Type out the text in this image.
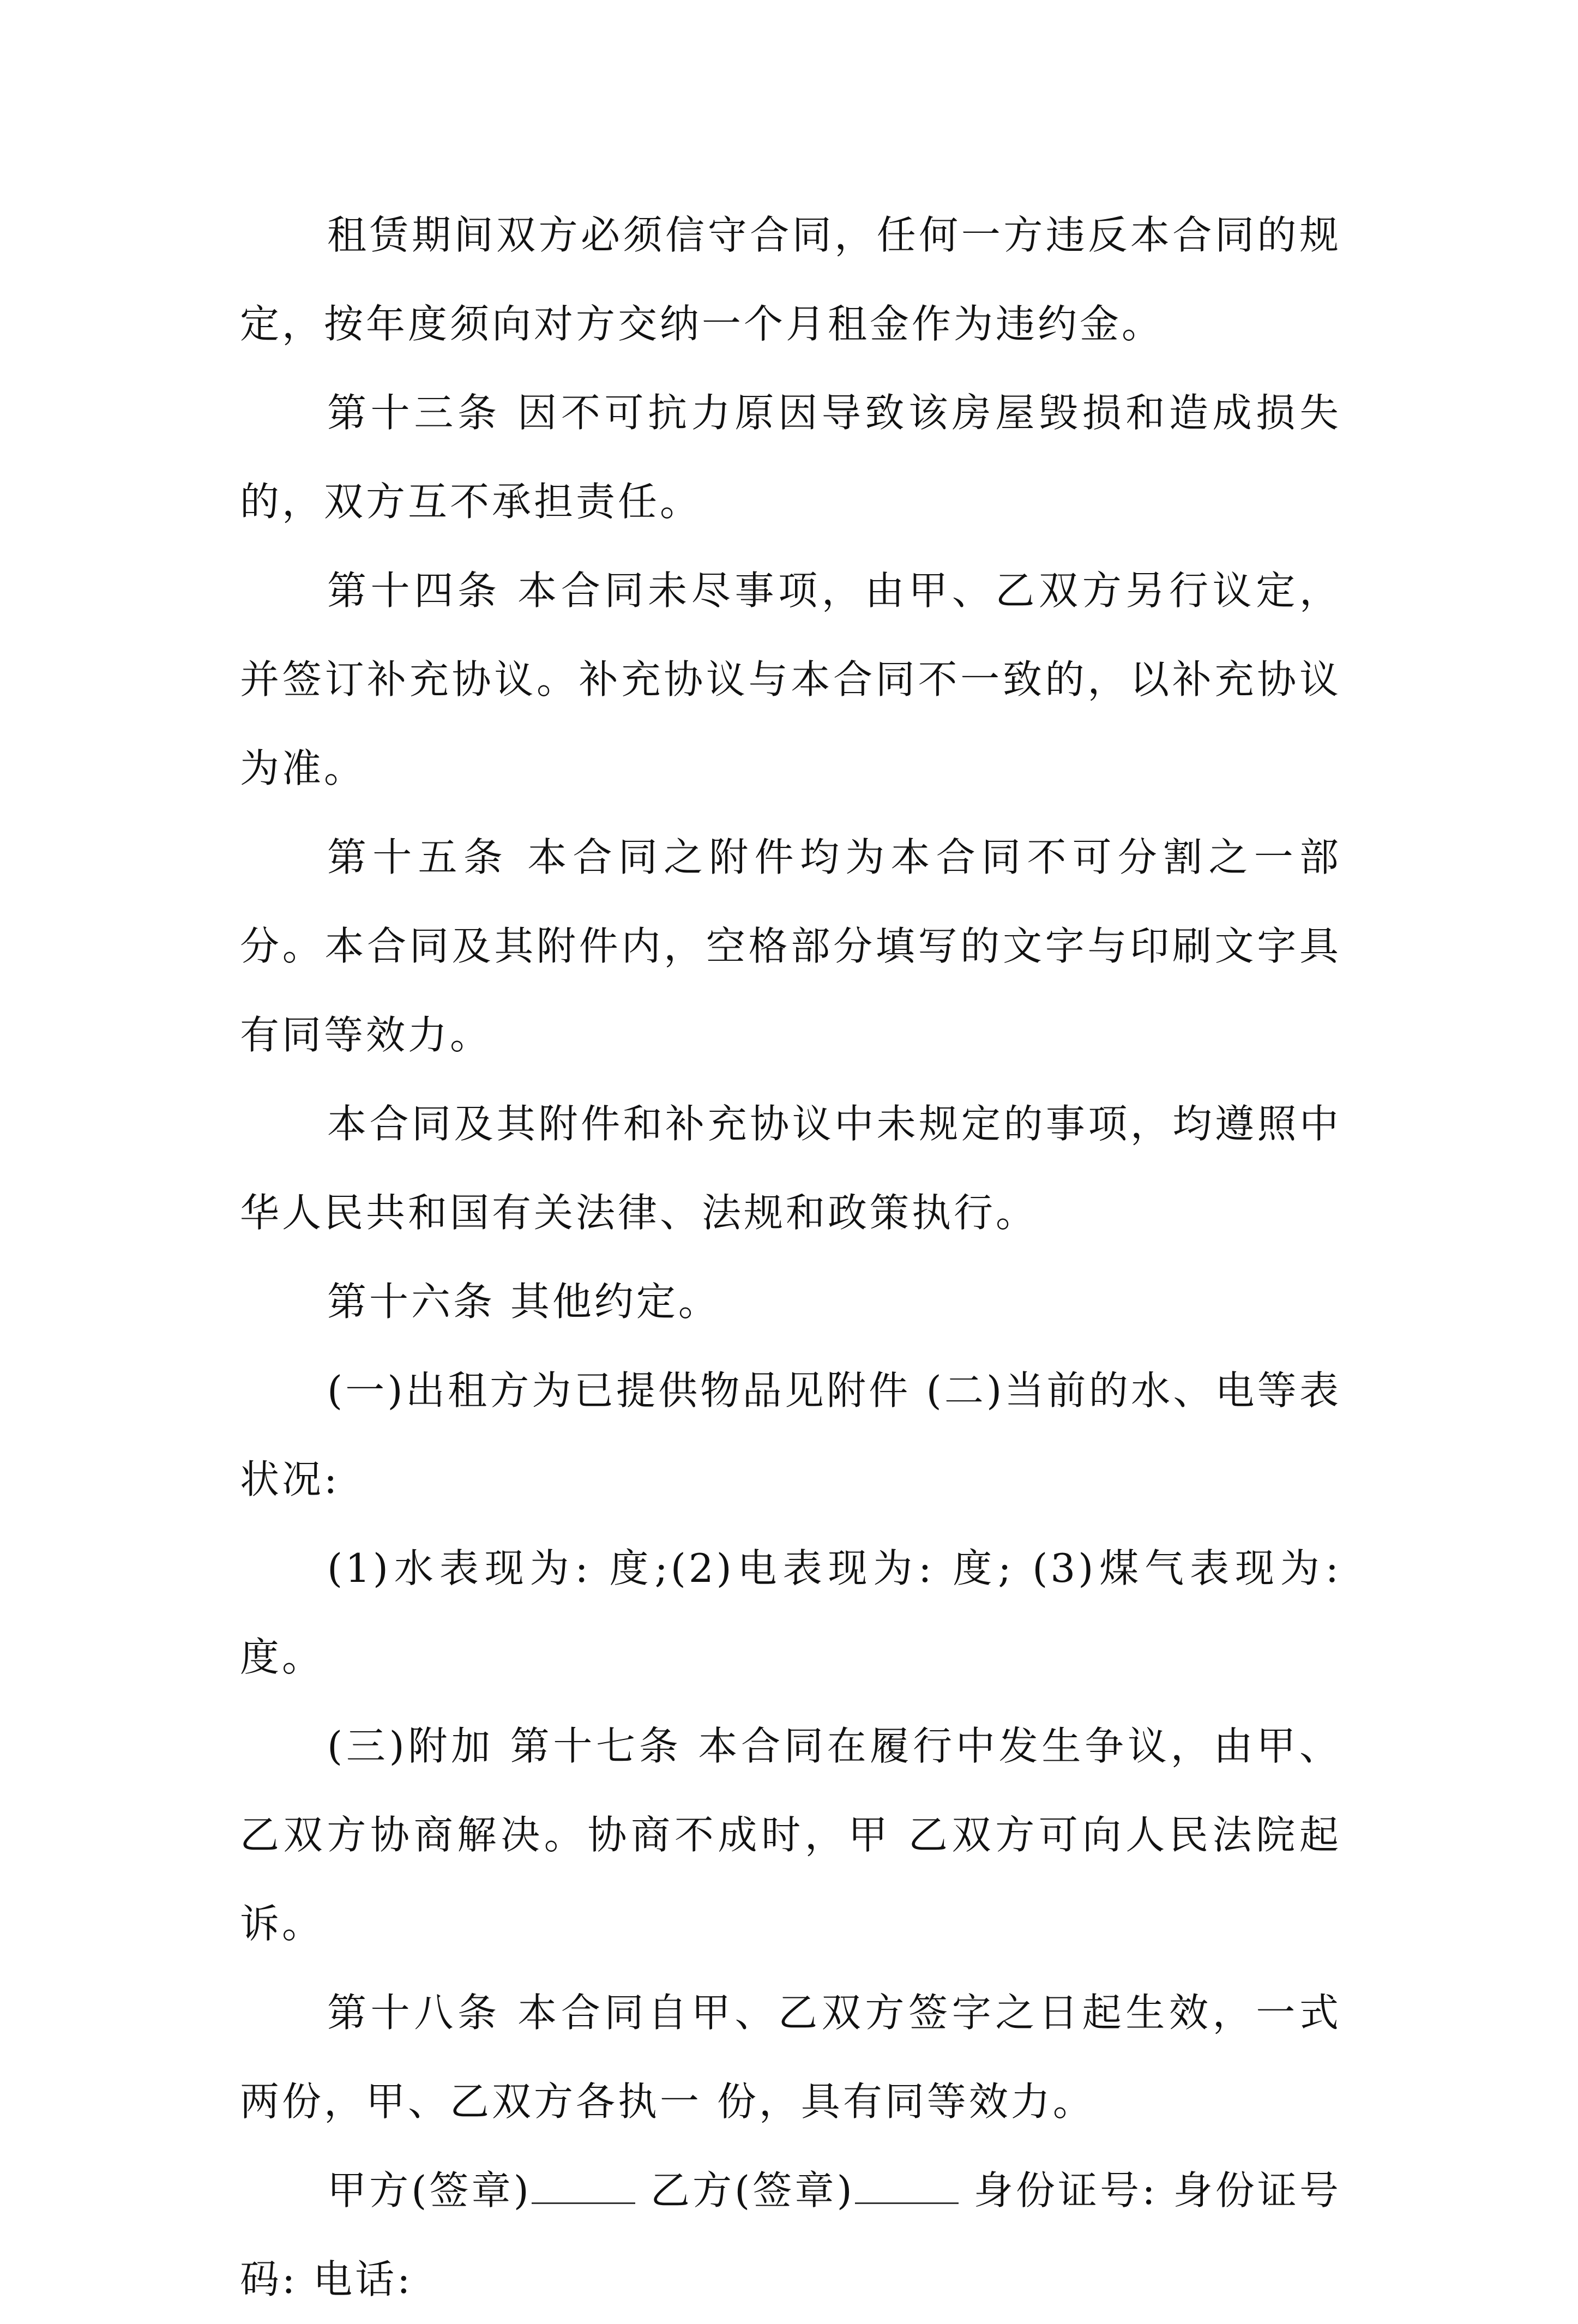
租赁期间双方必须信守合同，任何一方违反本合同的规定，按年度须向对方交纳一个月租金作为违约金。

第十三条 因不可抗力原因导致该房屋毁损和造成损失的，双方互不承担责任。

第十四条 本合同未尽事项，由甲、乙双方另行议定，并签订补充协议。补充协议与本合同不一致的，以补充协议为准。

第十五条 本合同之附件均为本合同不可分割之一部分。本合同及其附件内，空格部分填写的文字与印刷文字具有同等效力。

本合同及其附件和补充协议中未规定的事项，均遵照中华人民共和国有关法律、法规和政策执行。

第十六条 其他约定。

(一)出租方为已提供物品见附件 (二)当前的水、电等表状况:

(1)水表现为: 度;(2)电表现为: 度; (3)煤气表现为: 度。

(三)附加 第十七条 本合同在履行中发生争议，由甲、乙双方协商解决。协商不成时，甲 乙双方可向人民法院起诉。

第十八条 本合同自甲、乙双方签字之日起生效，一式两份，甲、乙双方各执一 份，具有同等效力。

甲方(签章)	乙方(签章)	身份证号: 身份证号码: 电话:
